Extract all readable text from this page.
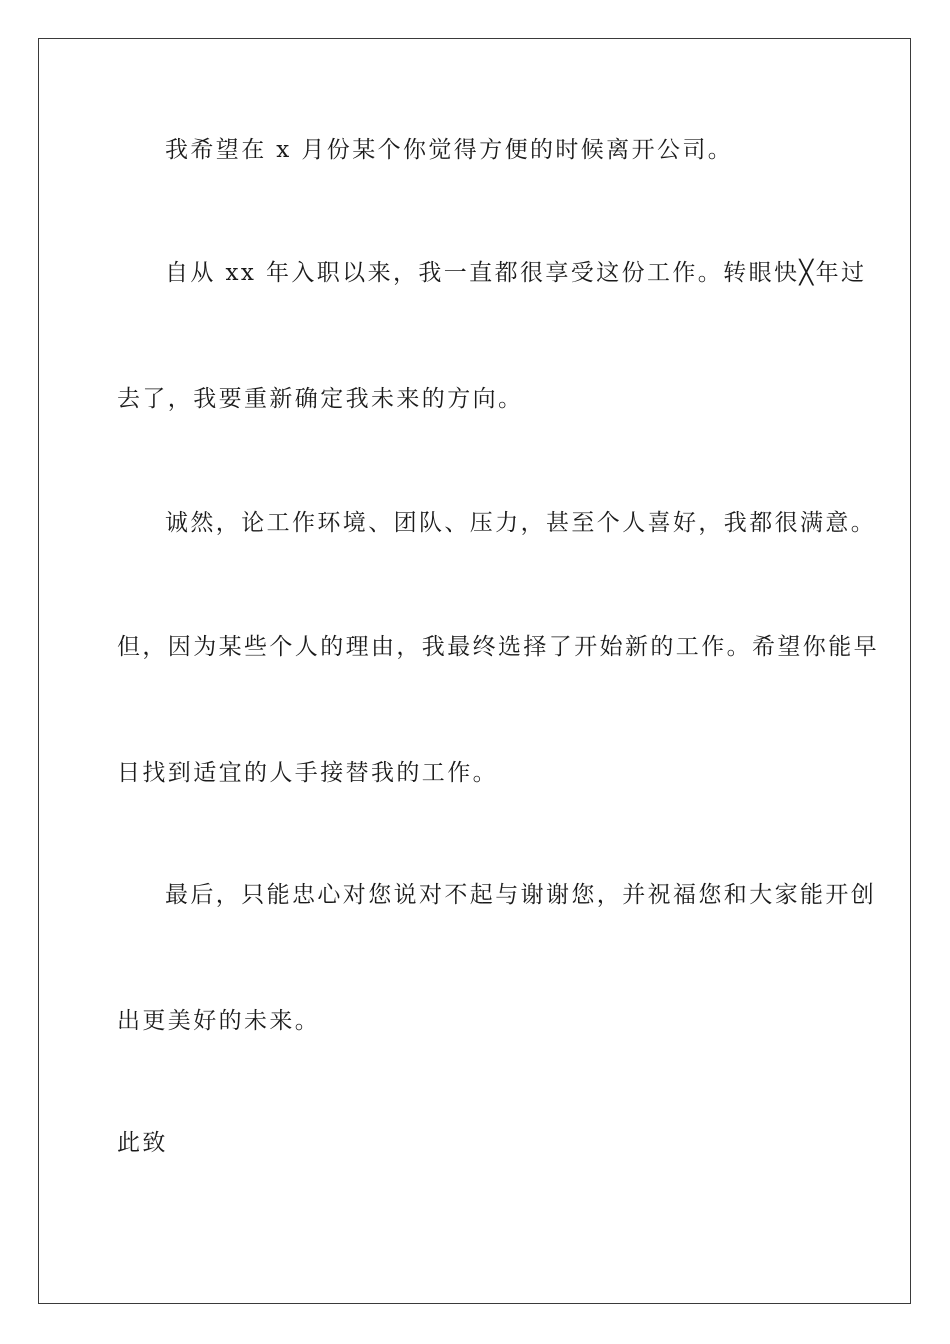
我希望在 x 月份某个你觉得方便的时候离开公司。
自从 xx 年入职以来，我一直都很享受这份工作。转眼快╳年过
去了，我要重新确定我未来的方向。
诚然，论工作环境、团队、压力，甚至个人喜好，我都很满意。
但，因为某些个人的理由，我最终选择了开始新的工作。希望你能早
日找到适宜的人手接替我的工作。
最后，只能忠心对您说对不起与谢谢您，并祝福您和大家能开创
出更美好的未来。
此致
